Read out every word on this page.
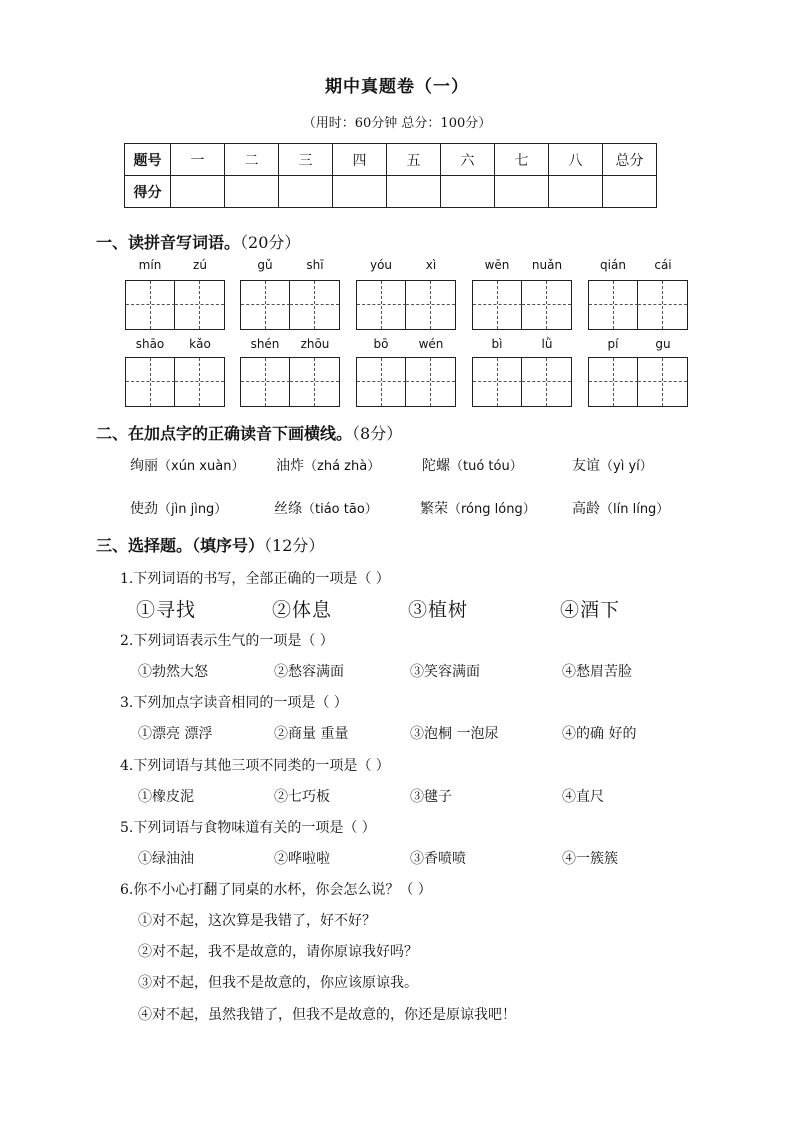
期中真题卷（一）
（用时：60分钟 总分：100分）
题号	一	二	三	四	五	六	七	八	总分
得分									
一、读拼音写词语。（20分）
mín	zú	gǔ	shī	yóu	xì	wēn	nuǎn	qián	cái
shāo	kǎo	shén	zhōu	bō	wén	bì	lǜ	pí	gu
二、在加点字的正确读音下画横线。（8分）
绚丽（xún xuàn） 油炸（zhá zhà）	陀螺（tuó tóu）	友谊（yì yí）
使劲（jìn jìng）	丝绦（tiáo tāo）	繁荣（róng lóng）	高龄（lín líng）
三、选择题。（填序号）（12分）
1.下列词语的书写，全部正确的一项是（ ）
①寻找	②体息	③植树	④酒下
2.下列词语表示生气的一项是（ ）
①勃然大怒	②愁容满面	③笑容满面	④愁眉苦脸
3.下列加点字读音相同的一项是（ ）
①漂亮 漂浮	②商量 重量	③泡桐 一泡尿	④的确 好的
4.下列词语与其他三项不同类的一项是（ ）
①橡皮泥	②七巧板	③毽子	④直尺
5.下列词语与食物味道有关的一项是（ ）
①绿油油	②哗啦啦	③香喷喷	④一簇簇
6.你不小心打翻了同桌的水杯，你会怎么说？（ ）
①对不起，这次算是我错了，好不好？
②对不起，我不是故意的，请你原谅我好吗？
③对不起，但我不是故意的，你应该原谅我。
④对不起，虽然我错了，但我不是故意的，你还是原谅我吧！
